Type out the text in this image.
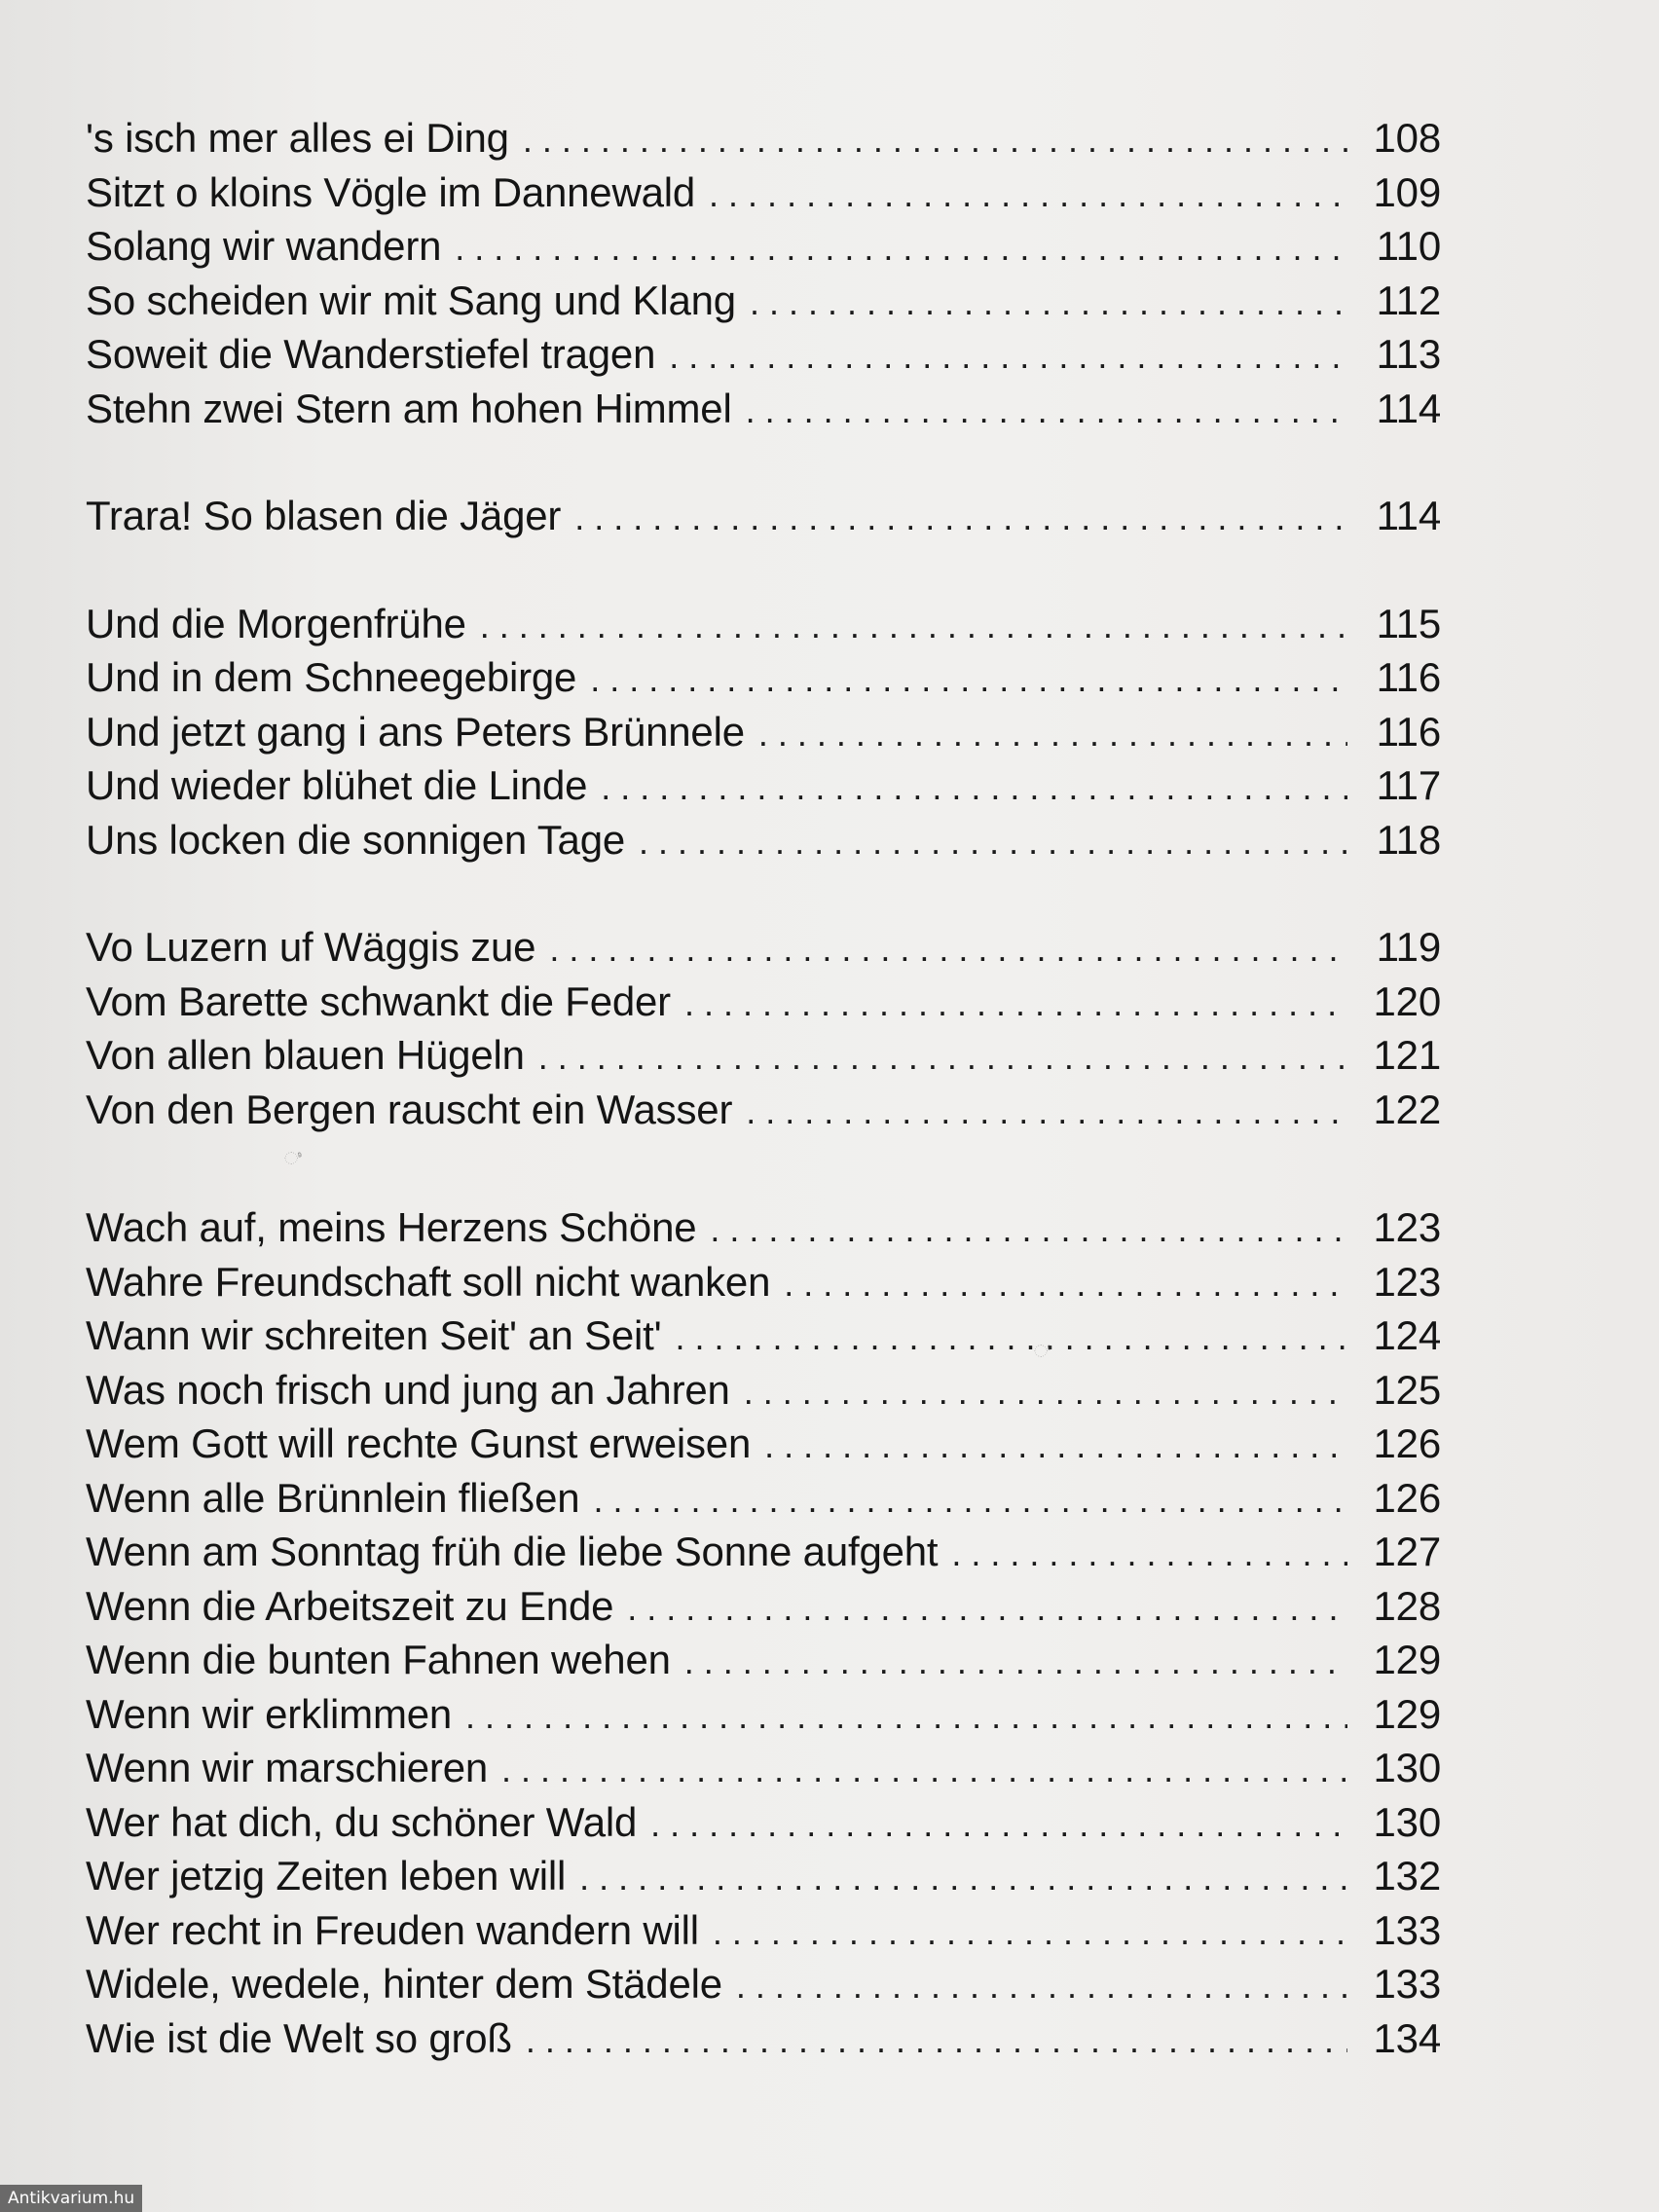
's isch mer alles ei Ding . . .	108
Sitzt o kloins Vögle im Dannewald . . .	109
Solang wir wandern . . .	110
So scheiden wir mit Sang und Klang . . .	112
Soweit die Wanderstiefel tragen . . .	113
Stehn zwei Stern am hohen Himmel . . .	114
Trara! So blasen die Jäger . . .	114
Und die Morgenfrühe . . .	115
Und in dem Schneegebirge . . .	116
Und jetzt gang i ans Peters Brünnele . . .	116
Und wieder blühet die Linde . . .	117
Uns locken die sonnigen Tage . . .	118
Vo Luzern uf Wäggis zue . . .	119
Vom Barette schwankt die Feder . . .	120
Von allen blauen Hügeln . . .	121
Von den Bergen rauscht ein Wasser . . .	122
Wach auf, meins Herzens Schöne . . .	123
Wahre Freundschaft soll nicht wanken . . .	123
Wann wir schreiten Seit' an Seit' . . .	124
Was noch frisch und jung an Jahren . . .	125
Wem Gott will rechte Gunst erweisen . . .	126
Wenn alle Brünnlein fließen . . .	126
Wenn am Sonntag früh die liebe Sonne aufgeht . . .	127
Wenn die Arbeitszeit zu Ende . . .	128
Wenn die bunten Fahnen wehen . . .	129
Wenn wir erklimmen . . .	129
Wenn wir marschieren . . .	130
Wer hat dich, du schöner Wald . . .	130
Wer jetzig Zeiten leben will . . .	132
Wer recht in Freuden wandern will . . .	133
Widele, wedele, hinter dem Städele . . .	133
Wie ist die Welt so groß . . .	134
ಿ
ಿ
Antikvarium.hu
